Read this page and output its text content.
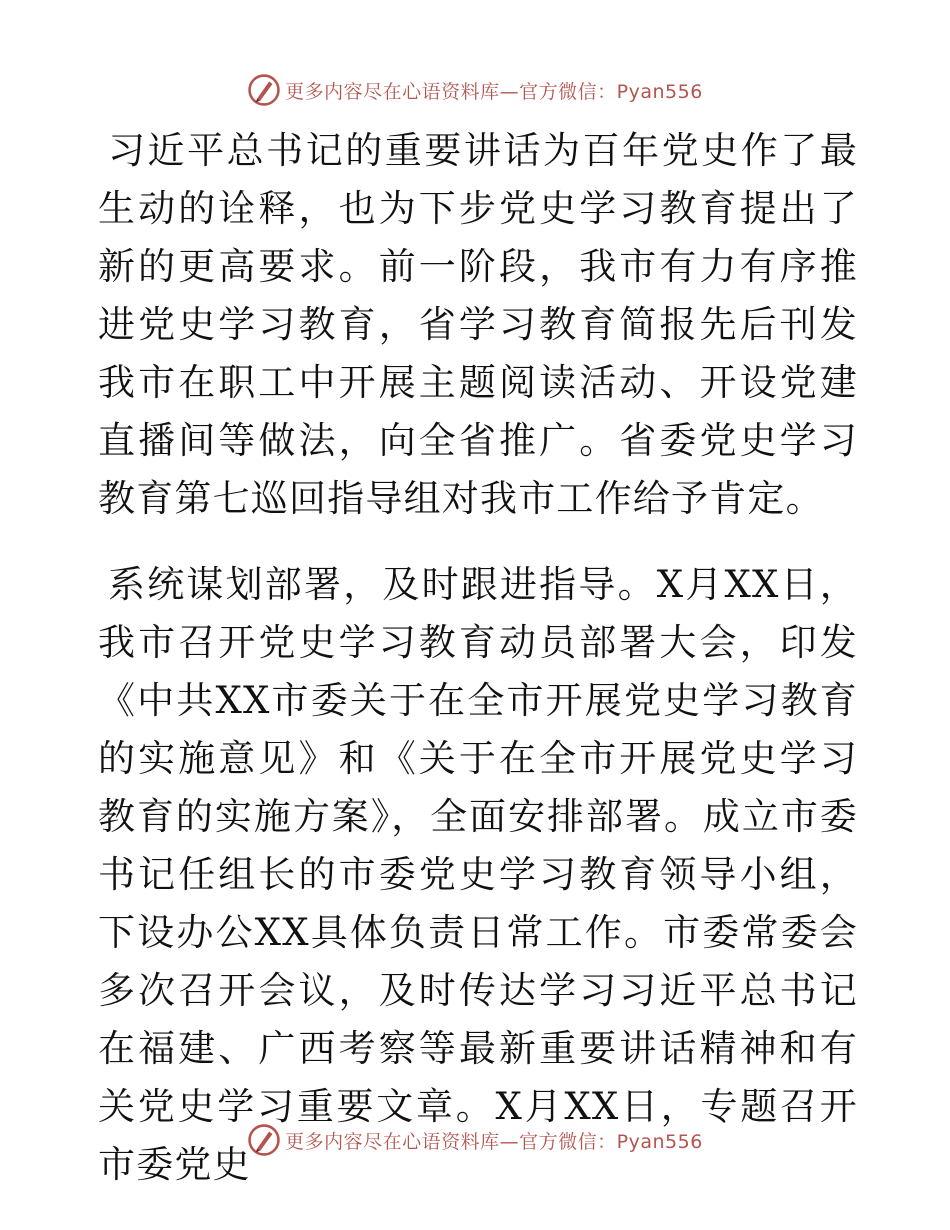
更多内容尽在心语资料库— 官方微信：Pyan556

习近平总书记的重要讲话为百年党史作了最生动的诠释，也为下步党史学习教育提出了新的更高要求。前一阶段，我市有力有序推进党史学习教育，省学习教育简报先后刊发我市在职工中开展主题阅读活动、开设党建直播间等做法，向全省推广。省委党史学习教育第七巡回指导组对我市工作给予肯定。

系统谋划部署，及时跟进指导。X月XX日，我市召开党史学习教育动员部署大会，印发《中共XX市委关于在全市开展党史学习教育的实施意见》和《关于在全市开展党史学习教育的实施方案》，全面安排部署。成立市委书记任组长的市委党史学习教育领导小组，下设办公XX具体负责日常工作。市委常委会多次召开会议，及时传达学习习近平总书记在福建、广西考察等最新重要讲话精神和有关党史学习重要文章。X月XX日，专题召开市委党史

更多内容尽在心语资料库— 官方微信：Pyan556
